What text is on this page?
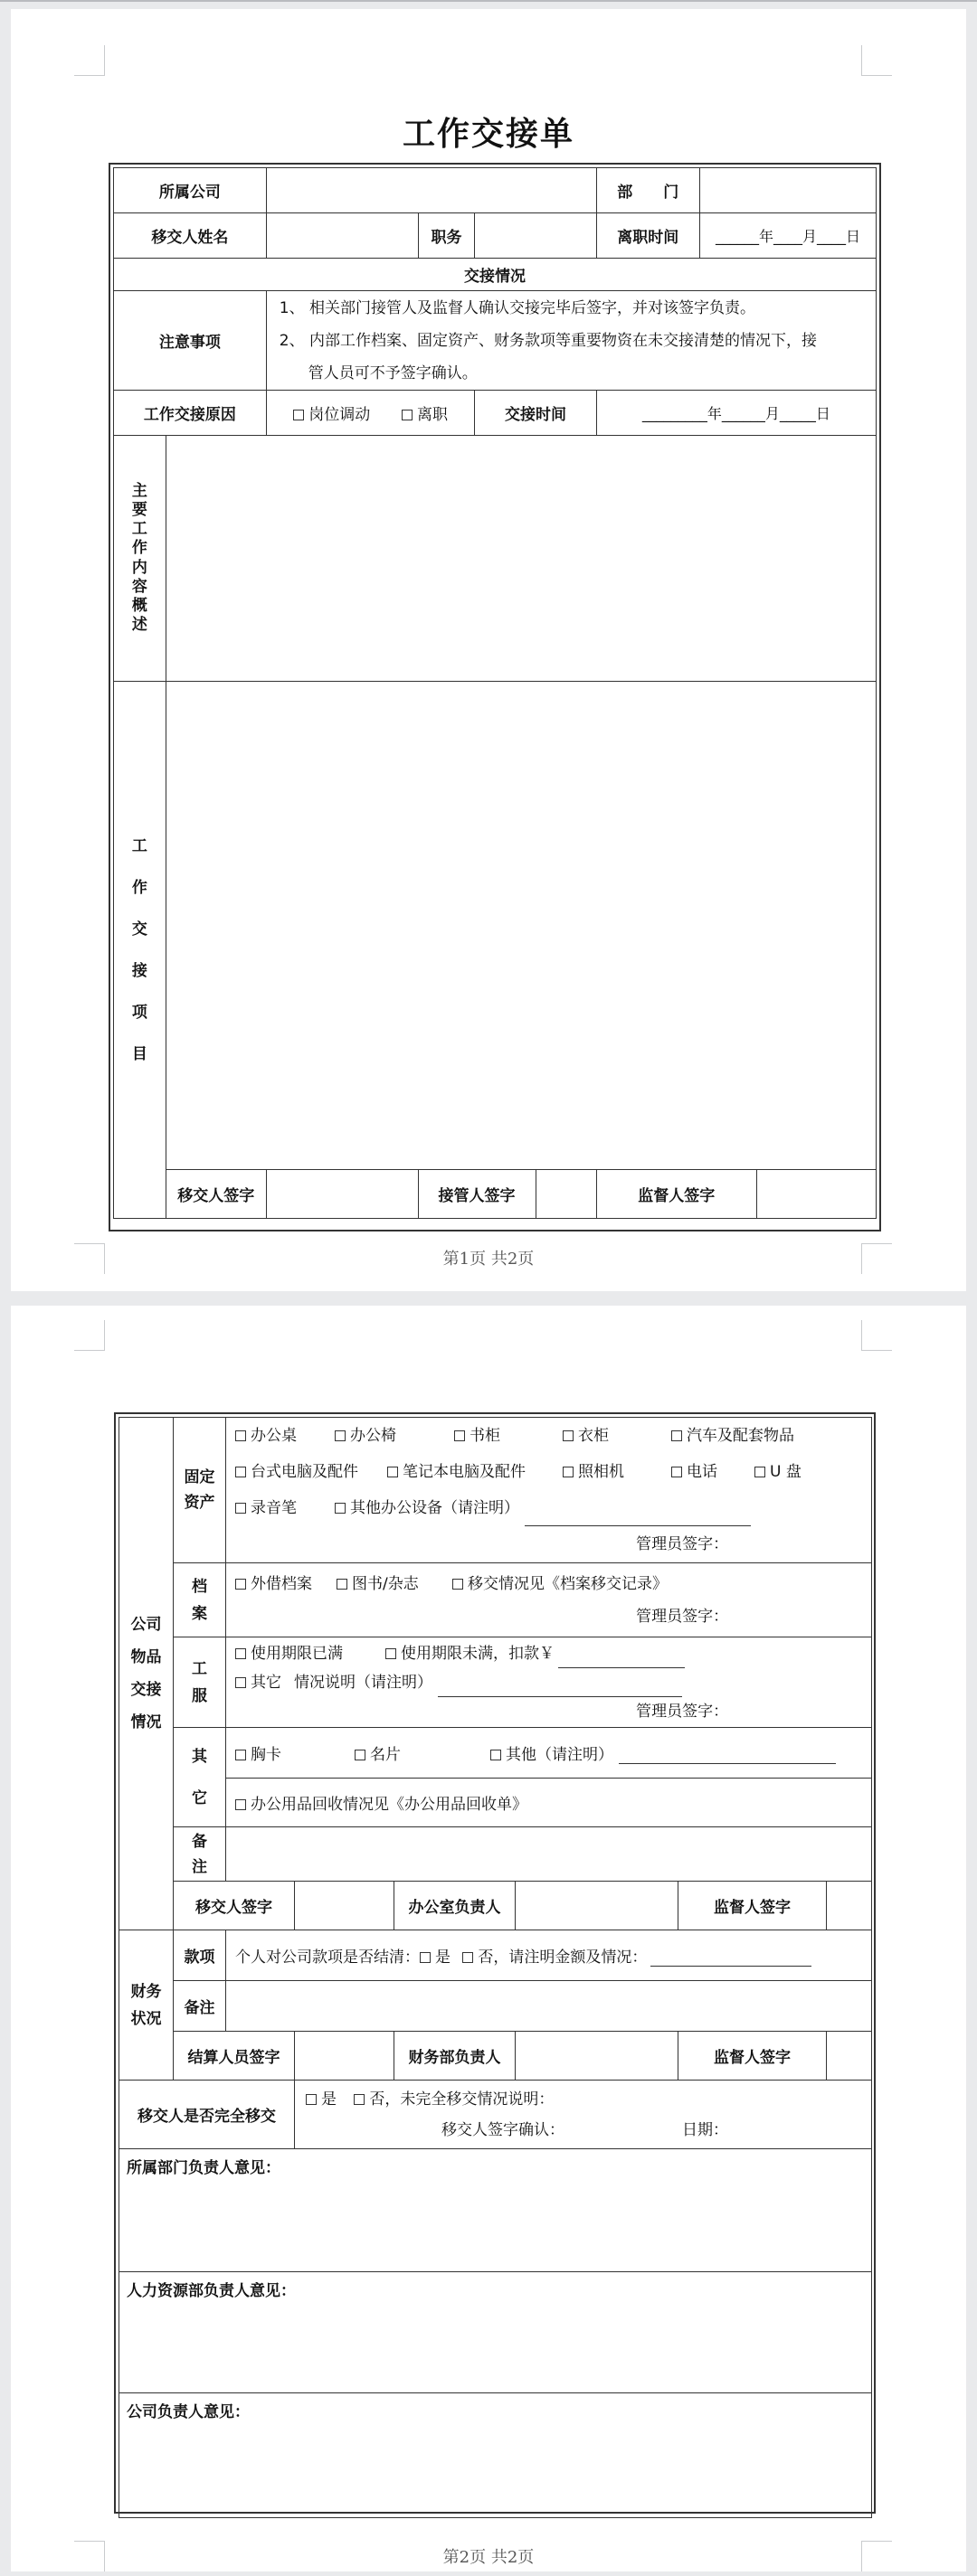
工作交接单
所属公司						部　　门		
移交人姓名			职务			离职时间	______年____月____日	
交接情况								
注意事项		1、 相关部门接管人及监督人确认交接完毕后签字，并对该签字负责。
2、 内部工作档案、固定资产、财务款项等重要物资在未交接清楚的情况下，接
管人员可不予签字确认。						

工作交接原因		岗位调动 离职		交接时间		_________年______月_____日		

主要工作内容概述								

工作交接项目								

	移交人签字		接管人签字			监督人签字		
第1页 共2页
公司物品交接情况	固定资产	办公桌 办公椅 书柜 衣柜 汽车及配套物品
台式电脑及配件 笔记本电脑及配件 照相机 电话 U 盘
录音笔 其他办公设备（请注明）
管理员签字：					

	档案	外借档案 图书/杂志 移交情况见《档案移交记录》
管理员签字：					

	工服	使用期限已满 使用期限未满，扣款￥
其它 情况说明（请注明）
管理员签字：					

	其它	胸卡 名片 其他（请注明）					
		办公用品回收情况见《办公用品回收单》					

	备注						

	移交人签字			办公室负责人		监督人签字	

财务状况	款项	个人对公司款项是否结清： 是 否，请注明金额及情况：					
	备注						
	结算人员签字			财务部负责人		监督人签字	
移交人是否完全移交			是 否，未完全移交情况说明：
移交人签字确认： 日期：				

所属部门负责人意见：							
人力资源部负责人意见：							
公司负责人意见：							
第2页 共2页
